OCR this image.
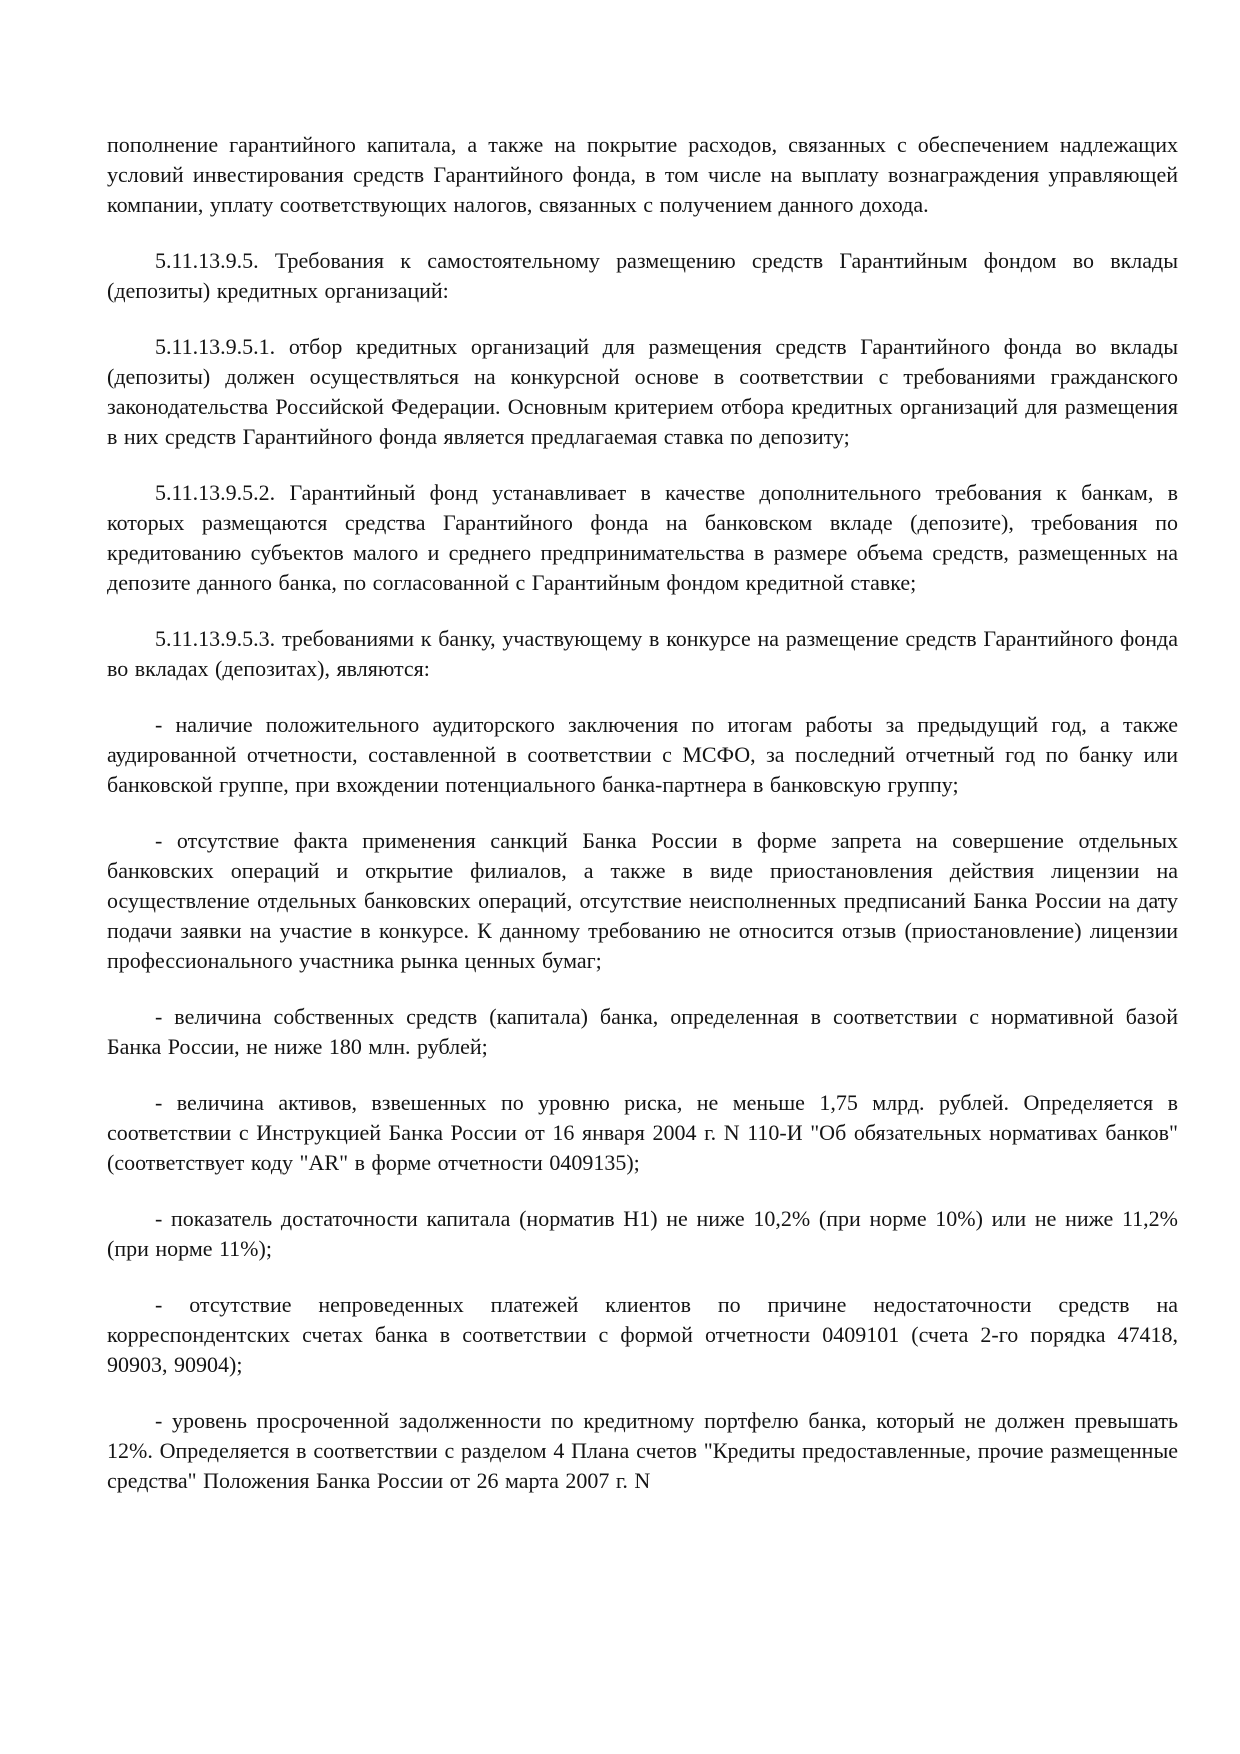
пополнение гарантийного капитала, а также на покрытие расходов, связанных с обеспечением надлежащих условий инвестирования средств Гарантийного фонда, в том числе на выплату вознаграждения управляющей компании, уплату соответствующих налогов, связанных с получением данного дохода.

5.11.13.9.5. Требования к самостоятельному размещению средств Гарантийным фондом во вклады (депозиты) кредитных организаций:

5.11.13.9.5.1. отбор кредитных организаций для размещения средств Гарантийного фонда во вклады (депозиты) должен осуществляться на конкурсной основе в соответствии с требованиями гражданского законодательства Российской Федерации. Основным критерием отбора кредитных организаций для размещения в них средств Гарантийного фонда является предлагаемая ставка по депозиту;

5.11.13.9.5.2. Гарантийный фонд устанавливает в качестве дополнительного требования к банкам, в которых размещаются средства Гарантийного фонда на банковском вкладе (депозите), требования по кредитованию субъектов малого и среднего предпринимательства в размере объема средств, размещенных на депозите данного банка, по согласованной с Гарантийным фондом кредитной ставке;

5.11.13.9.5.3. требованиями к банку, участвующему в конкурсе на размещение средств Гарантийного фонда во вкладах (депозитах), являются:

- наличие положительного аудиторского заключения по итогам работы за предыдущий год, а также аудированной отчетности, составленной в соответствии с МСФО, за последний отчетный год по банку или банковской группе, при вхождении потенциального банка-партнера в банковскую группу;

- отсутствие факта применения санкций Банка России в форме запрета на совершение отдельных банковских операций и открытие филиалов, а также в виде приостановления действия лицензии на осуществление отдельных банковских операций, отсутствие неисполненных предписаний Банка России на дату подачи заявки на участие в конкурсе. К данному требованию не относится отзыв (приостановление) лицензии профессионального участника рынка ценных бумаг;

- величина собственных средств (капитала) банка, определенная в соответствии с нормативной базой Банка России, не ниже 180 млн. рублей;

- величина активов, взвешенных по уровню риска, не меньше 1,75 млрд. рублей. Определяется в соответствии с Инструкцией Банка России от 16 января 2004 г. N 110-И "Об обязательных нормативах банков" (соответствует коду "AR" в форме отчетности 0409135);

- показатель достаточности капитала (норматив Н1) не ниже 10,2% (при норме 10%) или не ниже 11,2% (при норме 11%);

- отсутствие непроведенных платежей клиентов по причине недостаточности средств на корреспондентских счетах банка в соответствии с формой отчетности 0409101 (счета 2-го порядка 47418, 90903, 90904);

- уровень просроченной задолженности по кредитному портфелю банка, который не должен превышать 12%. Определяется в соответствии с разделом 4 Плана счетов "Кредиты предоставленные, прочие размещенные средства" Положения Банка России от 26 марта 2007 г. N
